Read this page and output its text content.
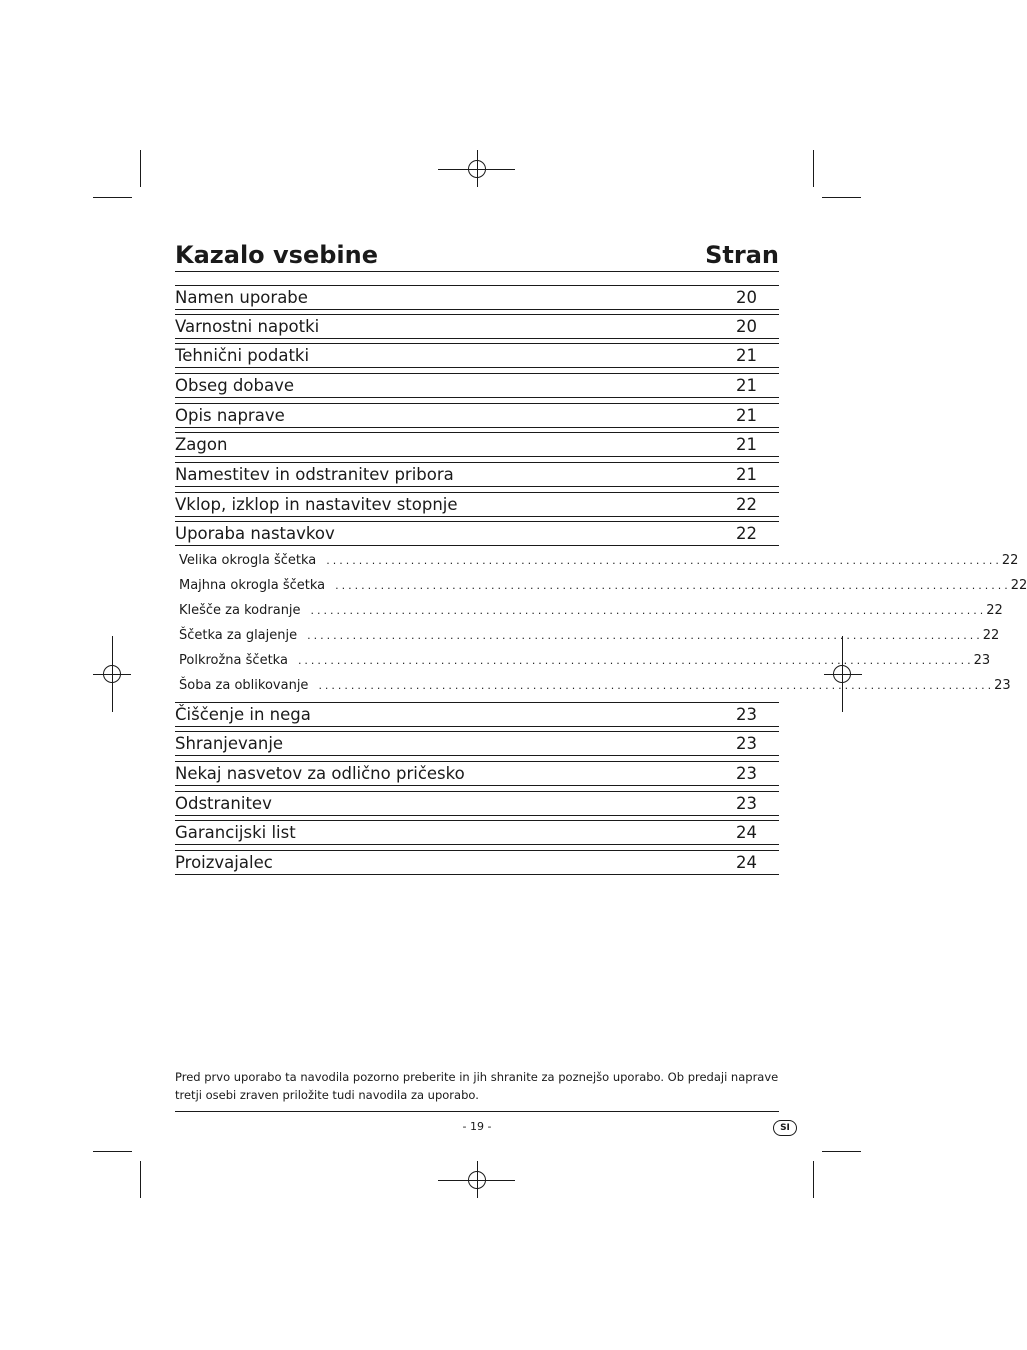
Kazalo vsebine	Stran
Namen uporabe	20
Varnostni napotki	20
Tehnični podatki	21
Obseg dobave	21
Opis naprave	21
Zagon	21
Namestitev in odstranitev pribora	21
Vklop, izklop in nastavitev stopnje	22
Uporaba nastavkov	22
Velika okrogla ščetka ........................................................................................................ 22
Majhna okrogla ščetka ........................................................................................................ 22
Klešče za kodranje ........................................................................................................ 22
Ščetka za glajenje ........................................................................................................ 22
Polkrožna ščetka ........................................................................................................ 23
Šoba za oblikovanje ........................................................................................................ 23
Čiščenje in nega	23
Shranjevanje	23
Nekaj nasvetov za odlično pričesko	23
Odstranitev	23
Garancijski list	24
Proizvajalec	24
Pred prvo uporabo ta navodila pozorno preberite in jih shranite za poznejšo uporabo. Ob predaji naprave tretji osebi zraven priložite tudi navodila za uporabo.
- 19 -	SI
